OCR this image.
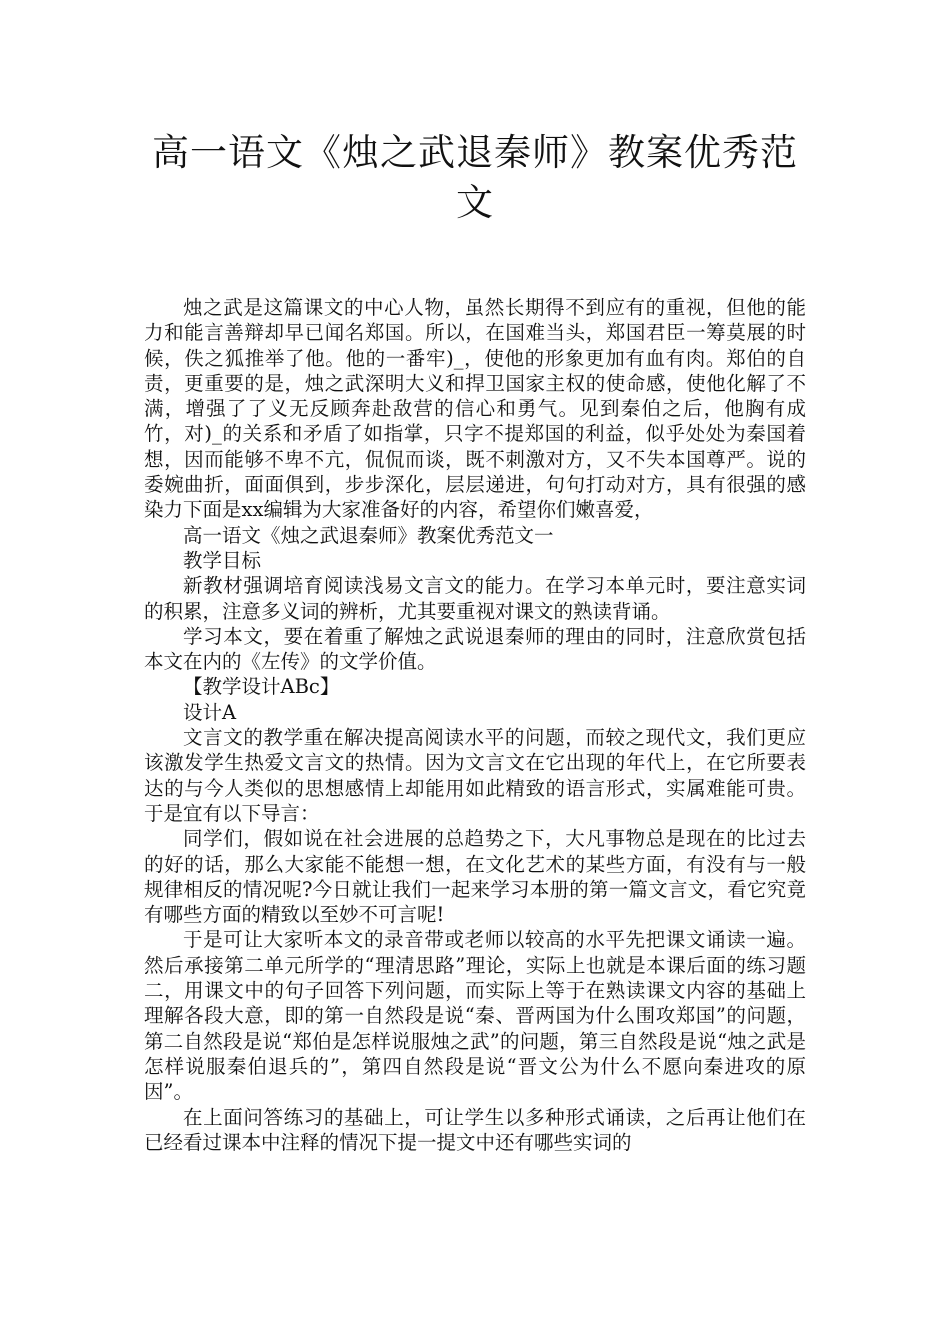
高一语文《烛之武退秦师》教案优秀范文

烛之武是这篇课文的中心人物，虽然长期得不到应有的重视，但他的能力和能言善辩却早已闻名郑国。所以，在国难当头，郑国君臣一筹莫展的时候，佚之狐推举了他。他的一番牢)_，使他的形象更加有血有肉。郑伯的自责，更重要的是，烛之武深明大义和捍卫国家主权的使命感，使他化解了不满，增强了了义无反顾奔赴敌营的信心和勇气。见到秦伯之后，他胸有成竹，对)_的关系和矛盾了如指掌，只字不提郑国的利益，似乎处处为秦国着想，因而能够不卑不亢，侃侃而谈，既不刺激对方，又不失本国尊严。说的委婉曲折，面面俱到，步步深化，层层递进，句句打动对方，具有很强的感染力下面是xx编辑为大家准备好的内容，希望你们嫩喜爱，

高一语文《烛之武退秦师》教案优秀范文一

教学目标

新教材强调培育阅读浅易文言文的能力。在学习本单元时，要注意实词的积累，注意多义词的辨析，尤其要重视对课文的熟读背诵。

学习本文，要在着重了解烛之武说退秦师的理由的同时，注意欣赏包括本文在内的《左传》的文学价值。

【教学设计ABc】

设计A

文言文的教学重在解决提高阅读水平的问题，而较之现代文，我们更应该激发学生热爱文言文的热情。因为文言文在它出现的年代上，在它所要表达的与今人类似的思想感情上却能用如此精致的语言形式，实属难能可贵。于是宜有以下导言：

同学们，假如说在社会进展的总趋势之下，大凡事物总是现在的比过去的好的话，那么大家能不能想一想，在文化艺术的某些方面，有没有与一般规律相反的情况呢?今日就让我们一起来学习本册的第一篇文言文，看它究竟有哪些方面的精致以至妙不可言呢!

于是可让大家听本文的录音带或老师以较高的水平先把课文诵读一遍。然后承接第二单元所学的“理清思路”理论，实际上也就是本课后面的练习题二，用课文中的句子回答下列问题，而实际上等于在熟读课文内容的基础上理解各段大意，即的第一自然段是说“秦、晋两国为什么围攻郑国”的问题，第二自然段是说“郑伯是怎样说服烛之武”的问题，第三自然段是说“烛之武是怎样说服秦伯退兵的”，第四自然段是说“晋文公为什么不愿向秦进攻的原因”。

在上面问答练习的基础上，可让学生以多种形式诵读，之后再让他们在已经看过课本中注释的情况下提一提文中还有哪些实词的
